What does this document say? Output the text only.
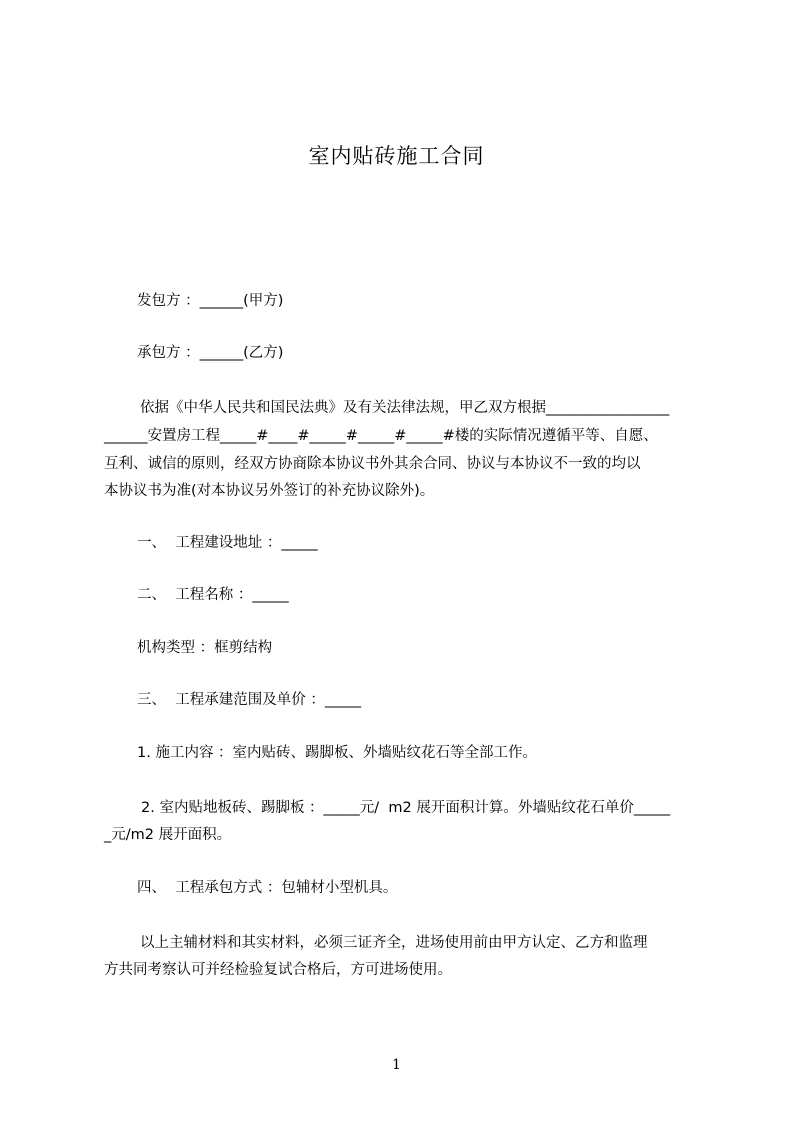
室内贴砖施工合同
发包方 ：______(甲方)
承包方 ：______(乙方)
依据《中华人民共和国民法典》及有关法律法规，甲乙双方根据_________________
______安置房工程_____#____#_____#_____#_____#楼的实际情况遵循平等、自愿、
互利、诚信的原则，经双方协商除本协议书外其余合同、协议与本协议不一致的均以
本协议书为准(对本协议另外签订的补充协议除外)。
一、  工程建设地址 ：_____
二、  工程名称 ：_____
机构类型 ：框剪结构
三、  工程承建范围及单价 ：_____
1. 施工内容 ：室内贴砖、踢脚板、外墙贴纹花石等全部工作。
2. 室内贴地板砖、踢脚板 ：_____元/  m2 展开面积计算。外墙贴纹花石单价_____
_元/m2 展开面积。
四、  工程承包方式 ：包辅材小型机具。
以上主辅材料和其实材料，必须三证齐全，进场使用前由甲方认定、乙方和监理
方共同考察认可并经检验复试合格后，方可进场使用。
1
